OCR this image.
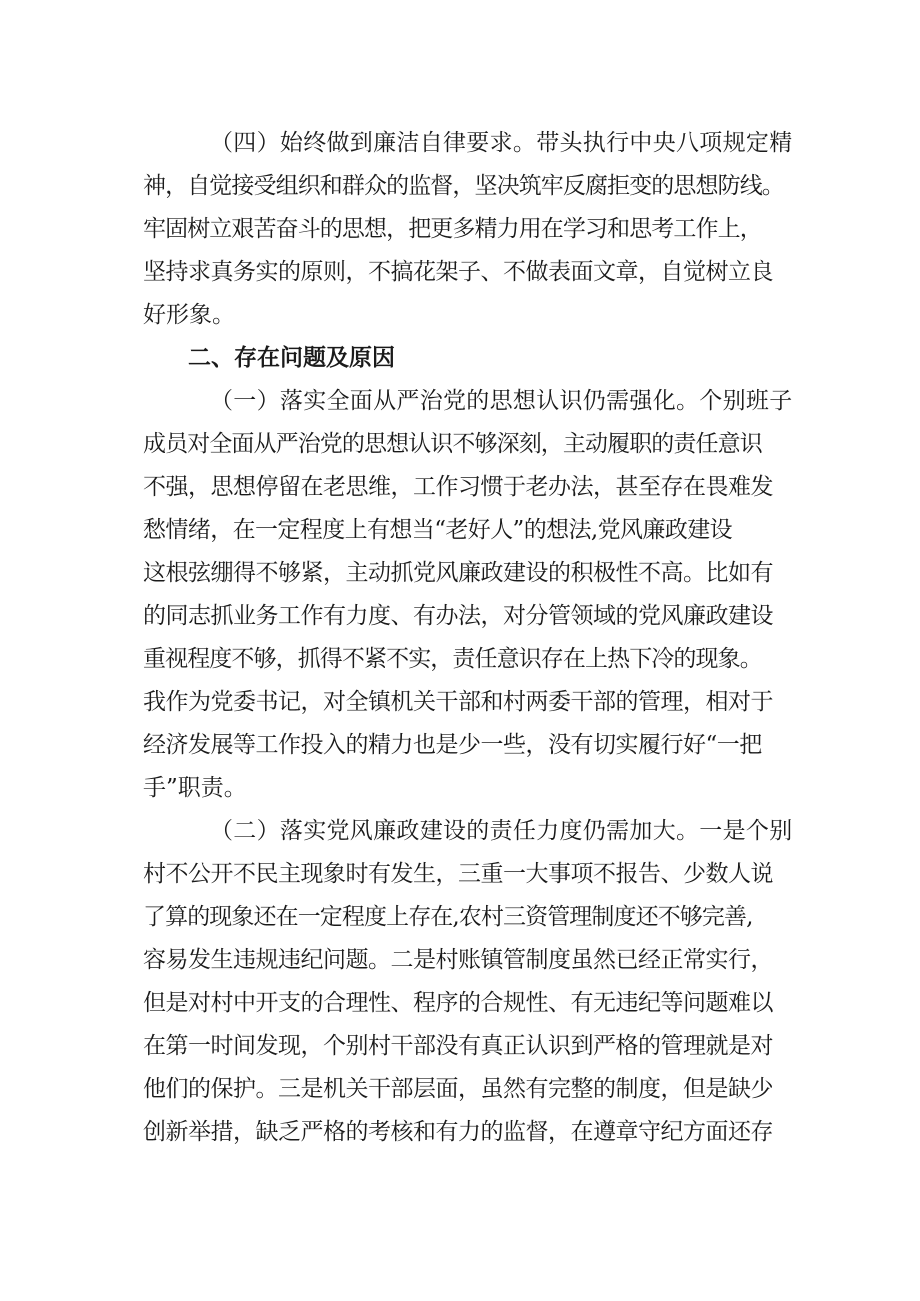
（四）始终做到廉洁自律要求。带头执行中央八项规定精
神，自觉接受组织和群众的监督，坚决筑牢反腐拒变的思想防线。
牢固树立艰苦奋斗的思想，把更多精力用在学习和思考工作上，
坚持求真务实的原则，不搞花架子、不做表面文章，自觉树立良
好形象。
二、存在问题及原因
（一）落实全面从严治党的思想认识仍需强化。个别班子
成员对全面从严治党的思想认识不够深刻，主动履职的责任意识
不强，思想停留在老思维，工作习惯于老办法，甚至存在畏难发
愁情绪，在一定程度上有想当“老好人”的想法,党风廉政建设
这根弦绷得不够紧，主动抓党风廉政建设的积极性不高。比如有
的同志抓业务工作有力度、有办法，对分管领域的党风廉政建设
重视程度不够，抓得不紧不实，责任意识存在上热下冷的现象。
我作为党委书记，对全镇机关干部和村两委干部的管理，相对于
经济发展等工作投入的精力也是少一些，没有切实履行好“一把
手”职责。
（二）落实党风廉政建设的责任力度仍需加大。一是个别
村不公开不民主现象时有发生，三重一大事项不报告、少数人说
了算的现象还在一定程度上存在,农村三资管理制度还不够完善,
容易发生违规违纪问题。二是村账镇管制度虽然已经正常实行，
但是对村中开支的合理性、程序的合规性、有无违纪等问题难以
在第一时间发现，个别村干部没有真正认识到严格的管理就是对
他们的保护。三是机关干部层面，虽然有完整的制度，但是缺少
创新举措，缺乏严格的考核和有力的监督，在遵章守纪方面还存
